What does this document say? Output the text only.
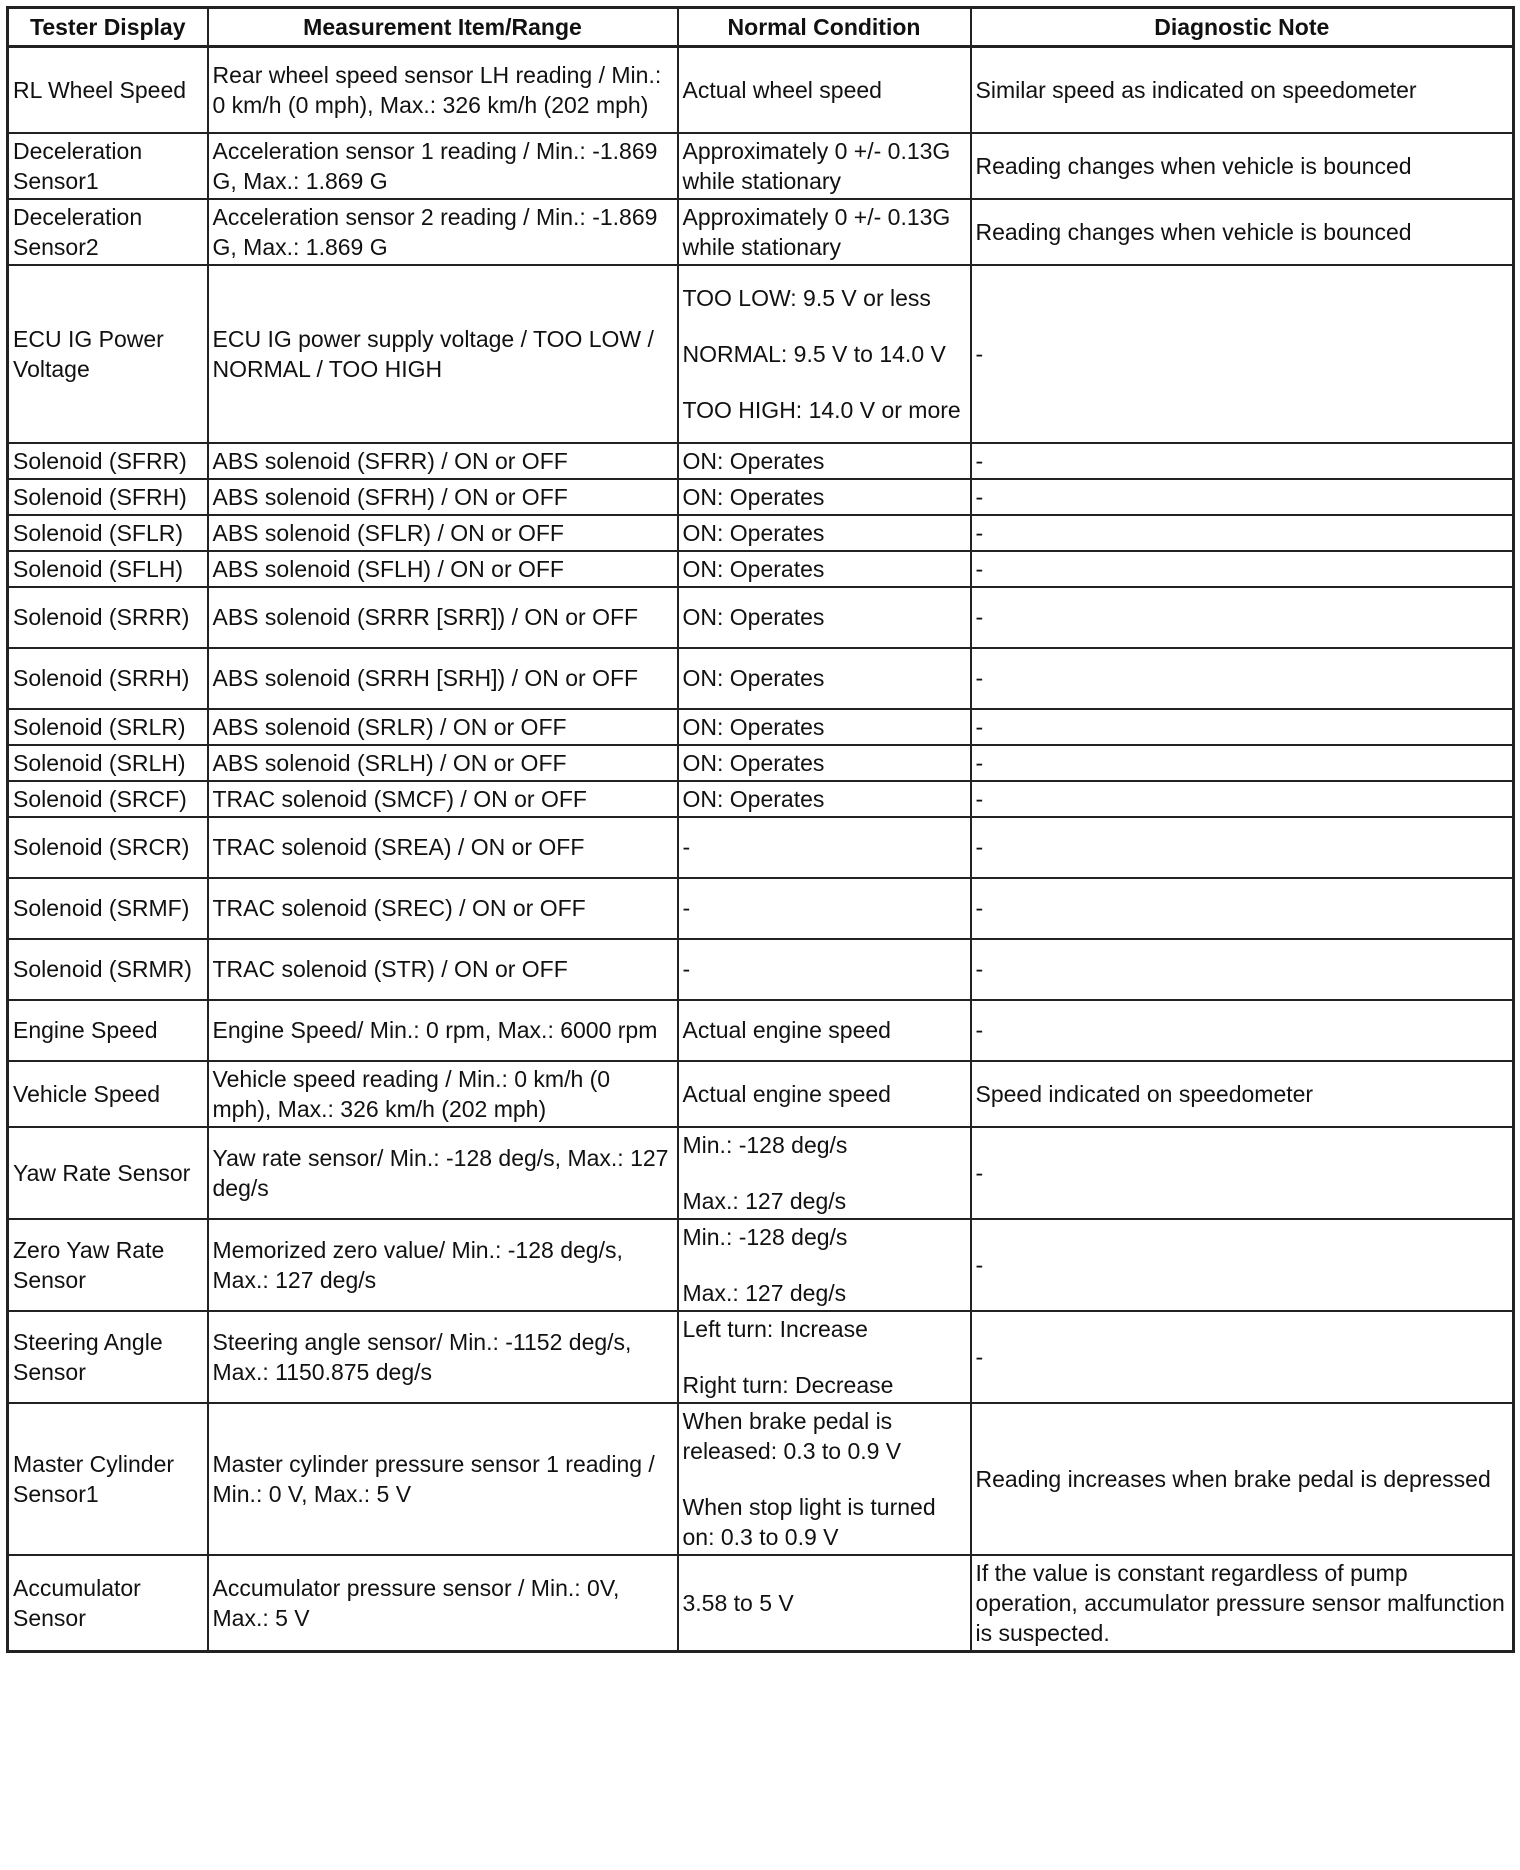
Tester Display	Measurement Item/Range	Normal Condition	Diagnostic Note
RL Wheel Speed	Rear wheel speed sensor LH reading / Min.: 0 km/h (0 mph), Max.: 326 km/h (202 mph)	Actual wheel speed	Similar speed as indicated on speedometer
Deceleration Sensor1	Acceleration sensor 1 reading / Min.: -1.869 G, Max.: 1.869 G	Approximately 0 +/- 0.13G while stationary	Reading changes when vehicle is bounced
Deceleration Sensor2	Acceleration sensor 2 reading / Min.: -1.869 G, Max.: 1.869 G	Approximately 0 +/- 0.13G while stationary	Reading changes when vehicle is bounced
ECU IG Power Voltage	ECU IG power supply voltage / TOO LOW / NORMAL / TOO HIGH	TOO LOW: 9.5 V or less

NORMAL: 9.5 V to 14.0 V

TOO HIGH: 14.0 V or more	-
Solenoid (SFRR)	ABS solenoid (SFRR) / ON or OFF	ON: Operates	-
Solenoid (SFRH)	ABS solenoid (SFRH) / ON or OFF	ON: Operates	-
Solenoid (SFLR)	ABS solenoid (SFLR) / ON or OFF	ON: Operates	-
Solenoid (SFLH)	ABS solenoid (SFLH) / ON or OFF	ON: Operates	-
Solenoid (SRRR)	ABS solenoid (SRRR [SRR]) / ON or OFF	ON: Operates	-
Solenoid (SRRH)	ABS solenoid (SRRH [SRH]) / ON or OFF	ON: Operates	-
Solenoid (SRLR)	ABS solenoid (SRLR) / ON or OFF	ON: Operates	-
Solenoid (SRLH)	ABS solenoid (SRLH) / ON or OFF	ON: Operates	-
Solenoid (SRCF)	TRAC solenoid (SMCF) / ON or OFF	ON: Operates	-
Solenoid (SRCR)	TRAC solenoid (SREA) / ON or OFF	-	-
Solenoid (SRMF)	TRAC solenoid (SREC) / ON or OFF	-	-
Solenoid (SRMR)	TRAC solenoid (STR) / ON or OFF	-	-
Engine Speed	Engine Speed/ Min.: 0 rpm, Max.: 6000 rpm	Actual engine speed	-
Vehicle Speed	Vehicle speed reading / Min.: 0 km/h (0 mph), Max.: 326 km/h (202 mph)	Actual engine speed	Speed indicated on speedometer
Yaw Rate Sensor	Yaw rate sensor/ Min.: -128 deg/s, Max.: 127 deg/s	Min.: -128 deg/s

Max.: 127 deg/s	-
Zero Yaw Rate Sensor	Memorized zero value/ Min.: -128 deg/s, Max.: 127 deg/s	Min.: -128 deg/s

Max.: 127 deg/s	-
Steering Angle Sensor	Steering angle sensor/ Min.: -1152 deg/s, Max.: 1150.875 deg/s	Left turn: Increase

Right turn: Decrease	-
Master Cylinder Sensor1	Master cylinder pressure sensor 1 reading / Min.: 0 V, Max.: 5 V	When brake pedal is released: 0.3 to 0.9 V

When stop light is turned on: 0.3 to 0.9 V	Reading increases when brake pedal is depressed
Accumulator Sensor	Accumulator pressure sensor / Min.: 0V, Max.: 5 V	3.58 to 5 V	If the value is constant regardless of pump operation, accumulator pressure sensor malfunction is suspected.
